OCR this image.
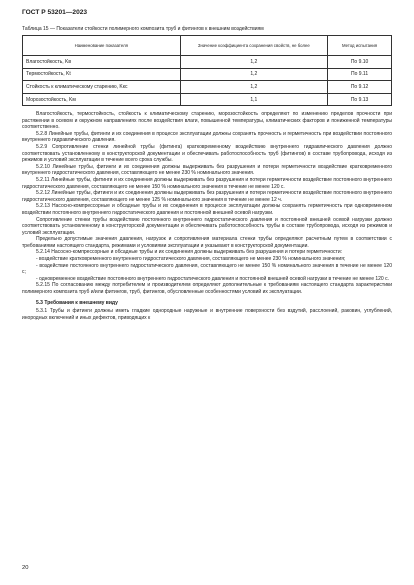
ГОСТ Р 53201—2023
Таблица 15 — Показатели стойкости полимерного композита труб и фитингов к внешним воздействиям
Наименование показателя	Значение коэффициента сохранения свойств, не более	Метод испытания
Влагостойкость, Kв	1,2	По 9.10
Термостойкость, Kt	1,2	По 9.11
Стойкость к климатическому старению, Kкс	1,2	По 9.12
Морозостойкость, Kм	1,1	По 9.13

Влагостойкость, термостойкость, стойкость к климатическому старению, морозостойкость определяют по изменению пределов прочности при растяжении в осевом и окружном направлениях после воздействия влаги, повышенной температуры, климатических факторов и пониженной температуры соответственно.

5.2.8 Линейные трубы, фитинги и их соединения в процессе эксплуатации должны сохранять прочность и герметичность при воздействии постоянного внутреннего гидравлического давления.

5.2.9 Сопротивление стенки линейной трубы (фитинга) кратковременному воздействию внутреннего гидравлического давления должно соответствовать установленному в конструкторской документации и обеспечивать работоспособность труб (фитингов) в составе трубопровода, исходя из режимов и условий эксплуатации в течение всего срока службы.

5.2.10 Линейные трубы, фитинги и их соединения должны выдерживать без разрушения и потери герметичности воздействие кратковременного внутреннего гидростатического давления, составляющего не менее 230 % номинального значения.

5.2.11 Линейные трубы, фитинги и их соединения должны выдерживать без разрушения и потери герметичности воздействие постоянного внутреннего гидростатического давления, составляющего не менее 150 % номинального значения в течение не менее 120 с.

5.2.12 Линейные трубы, фитинги и их соединения должны выдерживать без разрушения и потери герметичности воздействие постоянного внутреннего гидростатического давления, составляющего не менее 125 % номинального значения в течение не менее 12 ч.

5.2.13 Насосно-компрессорные и обсадные трубы и их соединения в процессе эксплуатации должны сохранять герметичность при одновременном воздействии постоянного внутреннего гидростатического давления и постоянной внешней осевой нагрузки.

Сопротивление стенки трубы воздействию постоянного внутреннего гидростатического давления и постоянной внешней осевой нагрузки должно соответствовать установленному в конструкторской документации и обеспечивать работоспособность трубы в составе трубопровода, исходя из режимов и условий эксплуатации.

Предельно допустимые значения давления, нагрузок и сопротивления материала стенки трубы определяют расчетным путем в соответствии с требованиями настоящего стандарта, режимами и условиями эксплуатации и указывают в конструкторской документации.

5.2.14 Насосно-компрессорные и обсадные трубы и их соединения должны выдерживать без разрушения и потери герметичности:

- воздействие кратковременного внутреннего гидростатического давления, составляющего не менее 230 % номинального значения;

- воздействие постоянного внутреннего гидростатического давления, составляющего не менее 150 % номинального значения в течение не менее 120 с;

- одновременное воздействие постоянного внутреннего гидростатического давления и постоянной внешней осевой нагрузки в течение не менее 120 с.

5.2.15 По согласованию между потребителем и производителем определяют дополнительные к требованиям настоящего стандарта характеристики полимерного композита труб и/или фитингов, труб, фитингов, обусловленные особенностями условий их эксплуатации.

5.3 Требования к внешнему виду

5.3.1 Трубы и фитинги должны иметь гладкие однородные наружные и внутренние поверхности без вздутий, расслоений, раковин, углублений, инородных включений и иных дефектов, приводящих к

20
